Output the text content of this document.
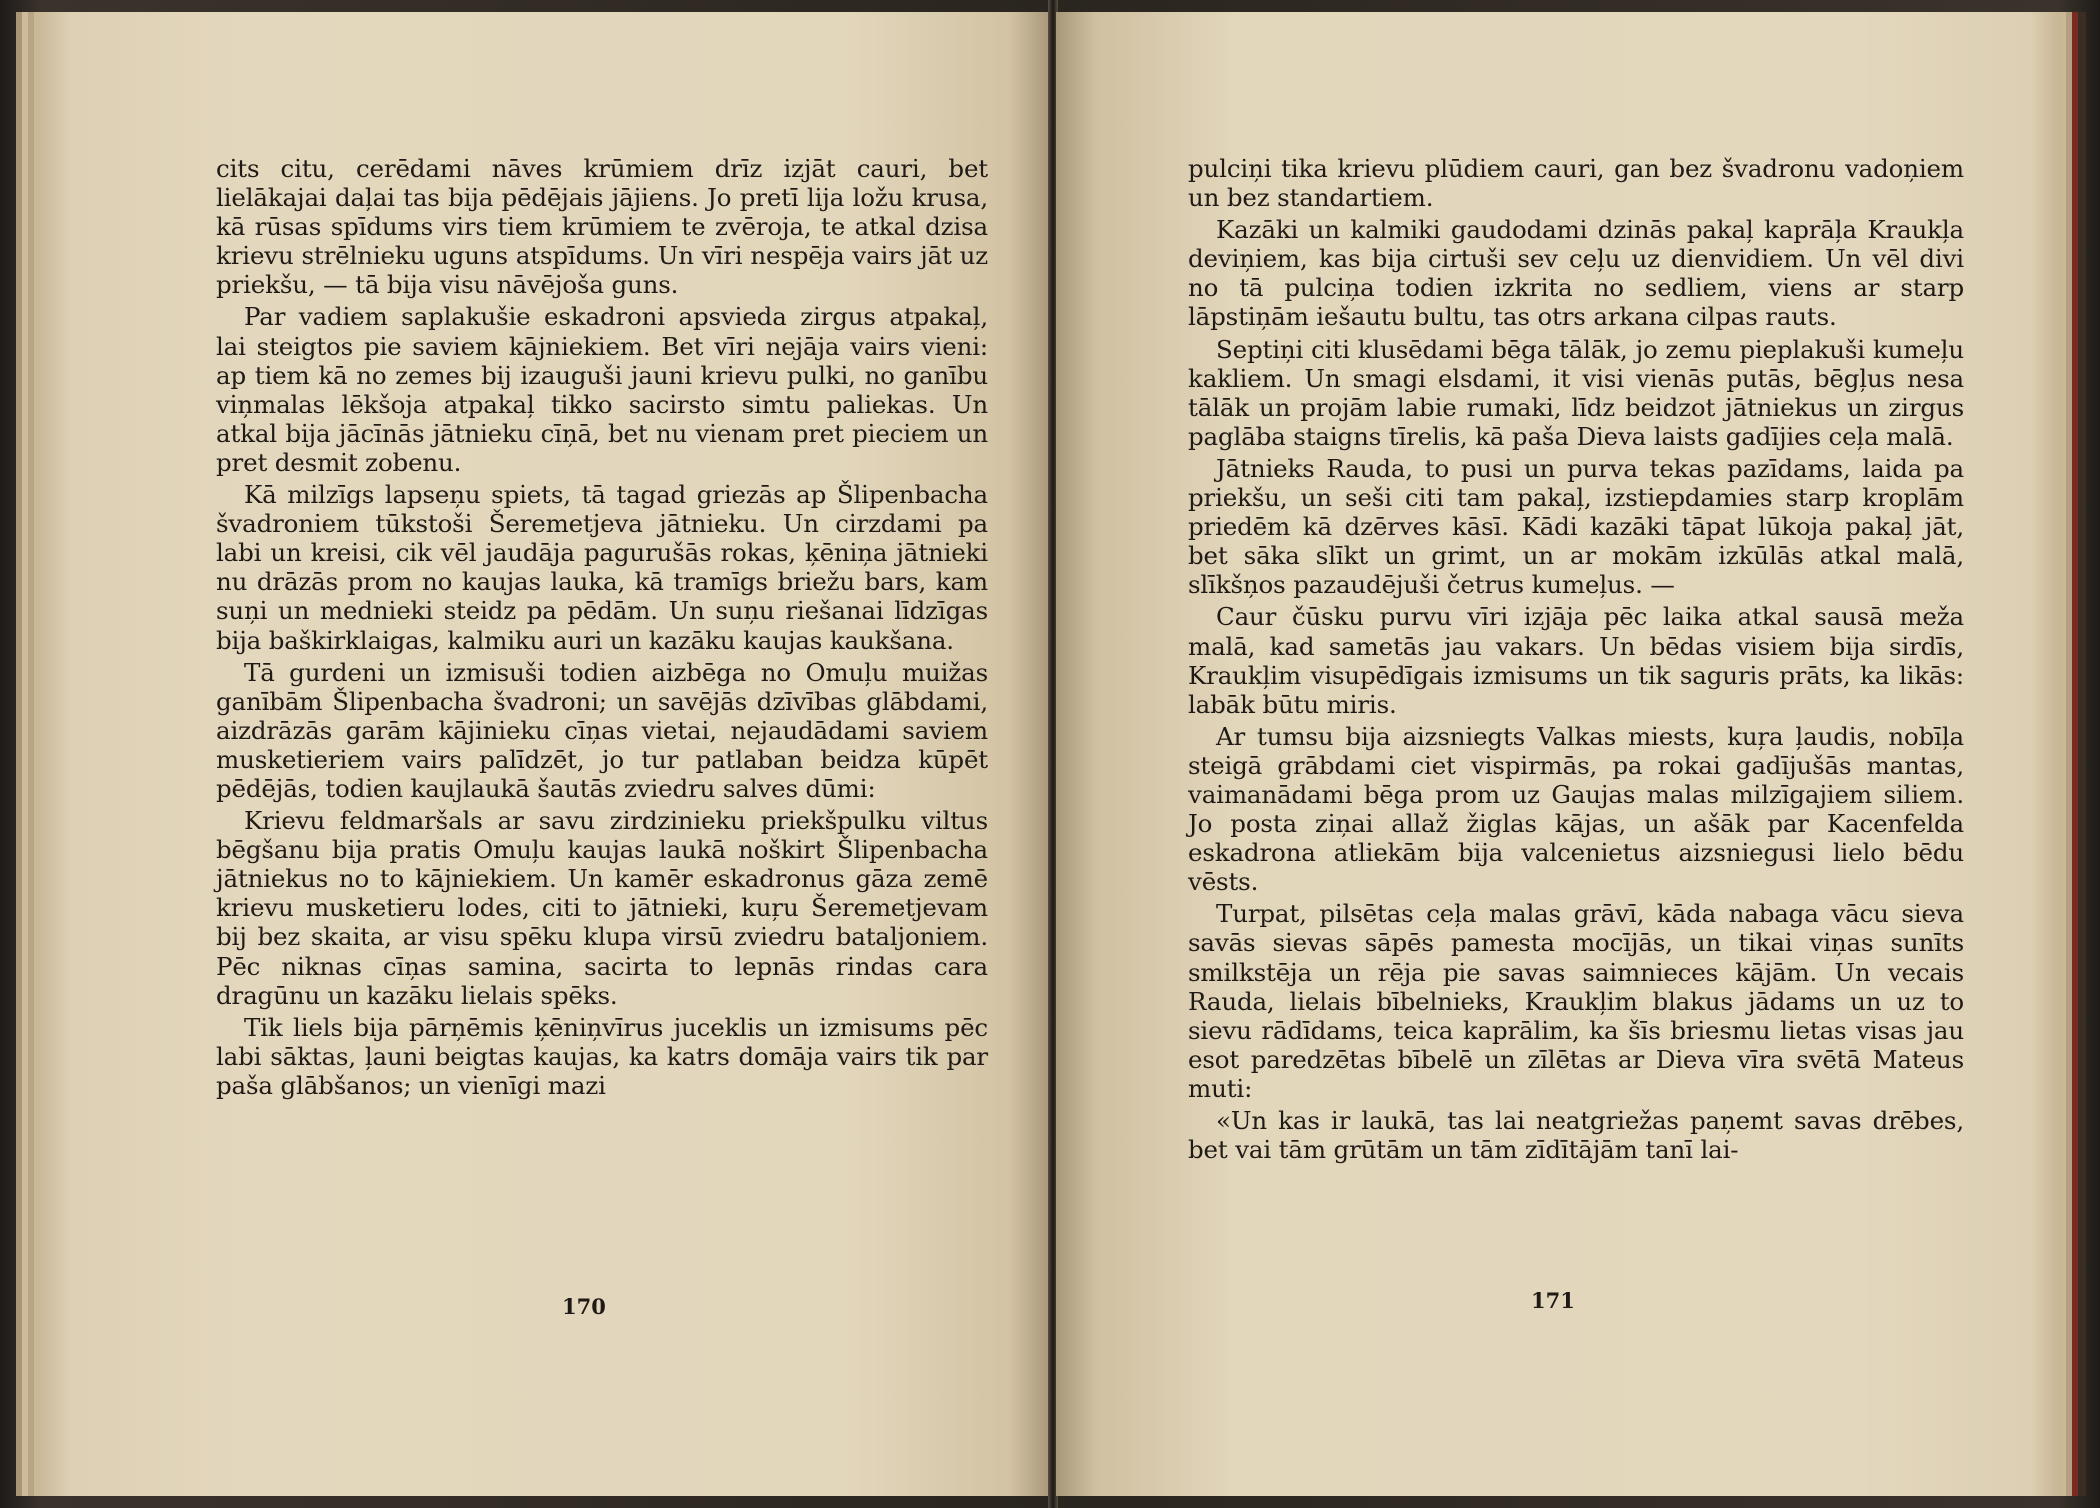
cits citu, cerēdami nāves krūmiem drīz izjāt cauri, bet lielākajai daļai tas bija pēdējais jājiens. Jo pretī lija ložu krusa, kā rūsas spīdums virs tiem krūmiem te zvēroja, te atkal dzisa krievu strēlnieku uguns atspīdums. Un vīri nespēja vairs jāt uz priekšu, — tā bija visu nāvējoša guns.

Par vadiem saplakušie eskadroni apsvieda zirgus atpakaļ, lai steigtos pie saviem kājniekiem. Bet vīri nejāja vairs vieni: ap tiem kā no zemes bij izauguši jauni krievu pulki, no ganību viņmalas lēkšoja atpakaļ tikko sacirsto simtu paliekas. Un atkal bija jācīnās jātnieku cīņā, bet nu vienam pret pieciem un pret desmit zobenu.

Kā milzīgs lapseņu spiets, tā tagad griezās ap Šlipenbacha švadroniem tūkstoši Šeremetjeva jātnieku. Un cirzdami pa labi un kreisi, cik vēl jaudāja pagurušās rokas, ķēniņa jātnieki nu drāzās prom no kaujas lauka, kā tramīgs briežu bars, kam suņi un mednieki steidz pa pēdām. Un suņu riešanai līdzīgas bija baškirklaigas, kalmiku auri un kazāku kaujas kaukšana.

Tā gurdeni un izmisuši todien aizbēga no Omuļu muižas ganībām Šlipenbacha švadroni; un savējās dzīvības glābdami, aizdrāzās garām kājinieku cīņas vietai, nejaudādami saviem musketieriem vairs palīdzēt, jo tur patlaban beidza kūpēt pēdējās, todien kaujlaukā šautās zviedru salves dūmi:

Krievu feldmaršals ar savu zirdzinieku priekšpulku viltus bēgšanu bija pratis Omuļu kaujas laukā noškirt Šlipenbacha jātniekus no to kājniekiem. Un kamēr eskadronus gāza zemē krievu musketieru lodes, citi to jātnieki, kuŗu Šeremetjevam bij bez skaita, ar visu spēku klupa virsū zviedru bataljoniem. Pēc niknas cīņas samina, sacirta to lepnās rindas cara dragūnu un kazāku lielais spēks.

Tik liels bija pārņēmis ķēniņvīrus juceklis un izmisums pēc labi sāktas, ļauni beigtas kaujas, ka katrs domāja vairs tik par paša glābšanos; un vienīgi mazi

170

pulciņi tika krievu plūdiem cauri, gan bez švadronu vadoņiem un bez standartiem.

Kazāki un kalmiki gaudodami dzinās pakaļ kaprāļa Kraukļa deviņiem, kas bija cirtuši sev ceļu uz dienvidiem. Un vēl divi no tā pulciņa todien izkrita no sedliem, viens ar starp lāpstiņām iešautu bultu, tas otrs arkana cilpas rauts.

Septiņi citi klusēdami bēga tālāk, jo zemu pieplakuši kumeļu kakliem. Un smagi elsdami, it visi vienās putās, bēgļus nesa tālāk un projām labie rumaki, līdz beidzot jātniekus un zirgus paglāba staigns tīrelis, kā paša Dieva laists gadījies ceļa malā.

Jātnieks Rauda, to pusi un purva tekas pazīdams, laida pa priekšu, un seši citi tam pakaļ, izstiepdamies starp kroplām priedēm kā dzērves kāsī. Kādi kazāki tāpat lūkoja pakaļ jāt, bet sāka slīkt un grimt, un ar mokām izkūlās atkal malā, slīkšņos pazaudējuši četrus kumeļus. —

Caur čūsku purvu vīri izjāja pēc laika atkal sausā meža malā, kad sametās jau vakars. Un bēdas visiem bija sirdīs, Kraukļim visupēdīgais izmisums un tik saguris prāts, ka likās: labāk būtu miris.

Ar tumsu bija aizsniegts Valkas miests, kuŗa ļaudis, nobīļa steigā grābdami ciet vispirmās, pa rokai gadījušās mantas, vaimanādami bēga prom uz Gaujas malas milzīgajiem siliem. Jo posta ziņai allaž žiglas kājas, un ašāk par Kacenfelda eskadrona atliekām bija valcenietus aizsniegusi lielo bēdu vēsts.

Turpat, pilsētas ceļa malas grāvī, kāda nabaga vācu sieva savās sievas sāpēs pamesta mocījās, un tikai viņas sunīts smilkstēja un rēja pie savas saimnieces kājām. Un vecais Rauda, lielais bībelnieks, Kraukļim blakus jādams un uz to sievu rādīdams, teica kaprālim, ka šīs briesmu lietas visas jau esot paredzētas bībelē un zīlētas ar Dieva vīra svētā Mateus muti:

«Un kas ir laukā, tas lai neatgriežas paņemt savas drēbes, bet vai tām grūtām un tām zīdītājām tanī lai-

171
